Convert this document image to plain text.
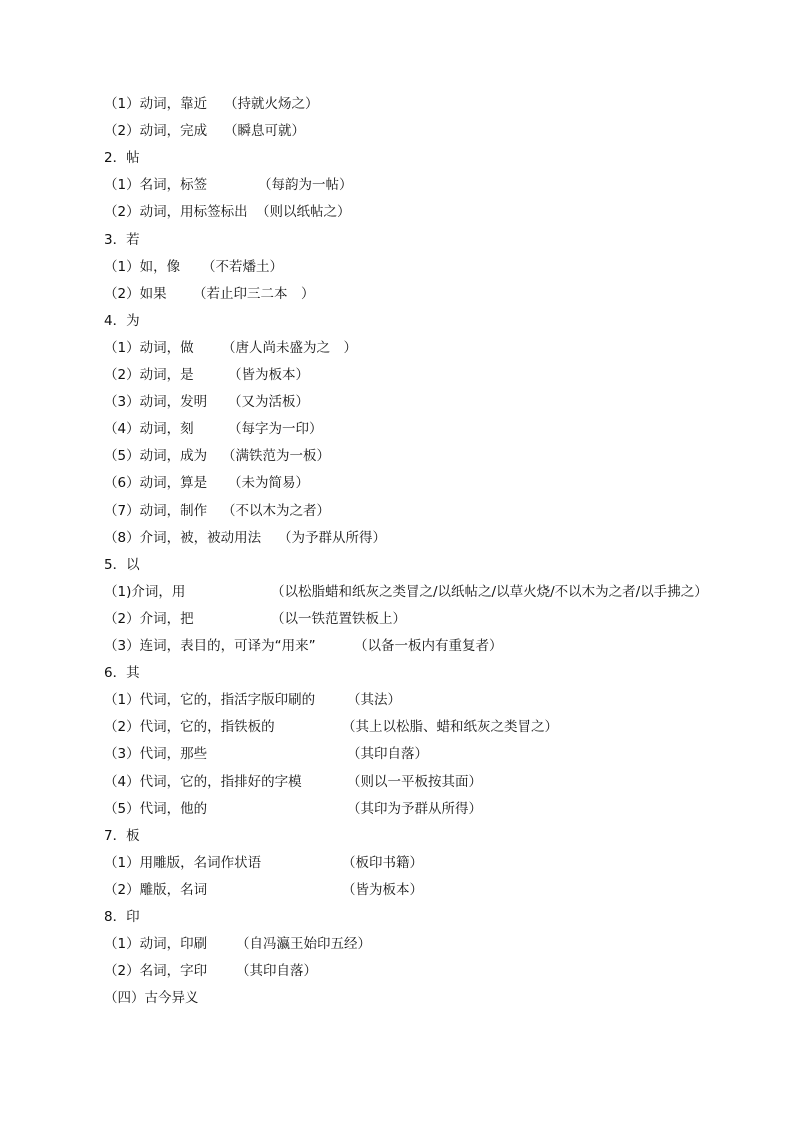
（1）动词，靠近 （持就火炀之）
（2）动词，完成 （瞬息可就）
2．帖
（1）名词，标签	（每韵为一帖）
（2）动词，用标签标出 （则以纸帖之）
3．若
（1）如，像 （不若燔土）
（2）如果 （若止印三二本　）
4．为
（1）动词，做 （唐人尚未盛为之　）
（2）动词，是	（皆为板本）
（3）动词，发明 （又为活板）
（4）动词，刻	（每字为一印）
（5）动词，成为 （满铁范为一板）
（6）动词，算是 （未为简易）
（7）动词，制作 （不以木为之者）
（8）介词，被，被动用法 （为予群从所得）
5．以
（1)介词，用	（以松脂蜡和纸灰之类冒之/以纸帖之/以草火烧/不以木为之者/以手拂之）
（2）介词，把	（以一铁范置铁板上）
（3）连词，表目的，可译为“用来”	（以备一板内有重复者）
6．其
（1）代词，它的，指活字版印刷的 （其法）
（2）代词，它的，指铁板的	（其上以松脂、蜡和纸灰之类冒之）
（3）代词，那些	（其印自落）
（4）代词，它的，指排好的字模	（则以一平板按其面）
（5）代词，他的	（其印为予群从所得）
7．板
（1）用雕版，名词作状语	（板印书籍）
（2）雕版，名词	（皆为板本）
8．印
（1）动词，印刷 （自冯瀛王始印五经）
（2）名词，字印 （其印自落）
（四）古今异义
